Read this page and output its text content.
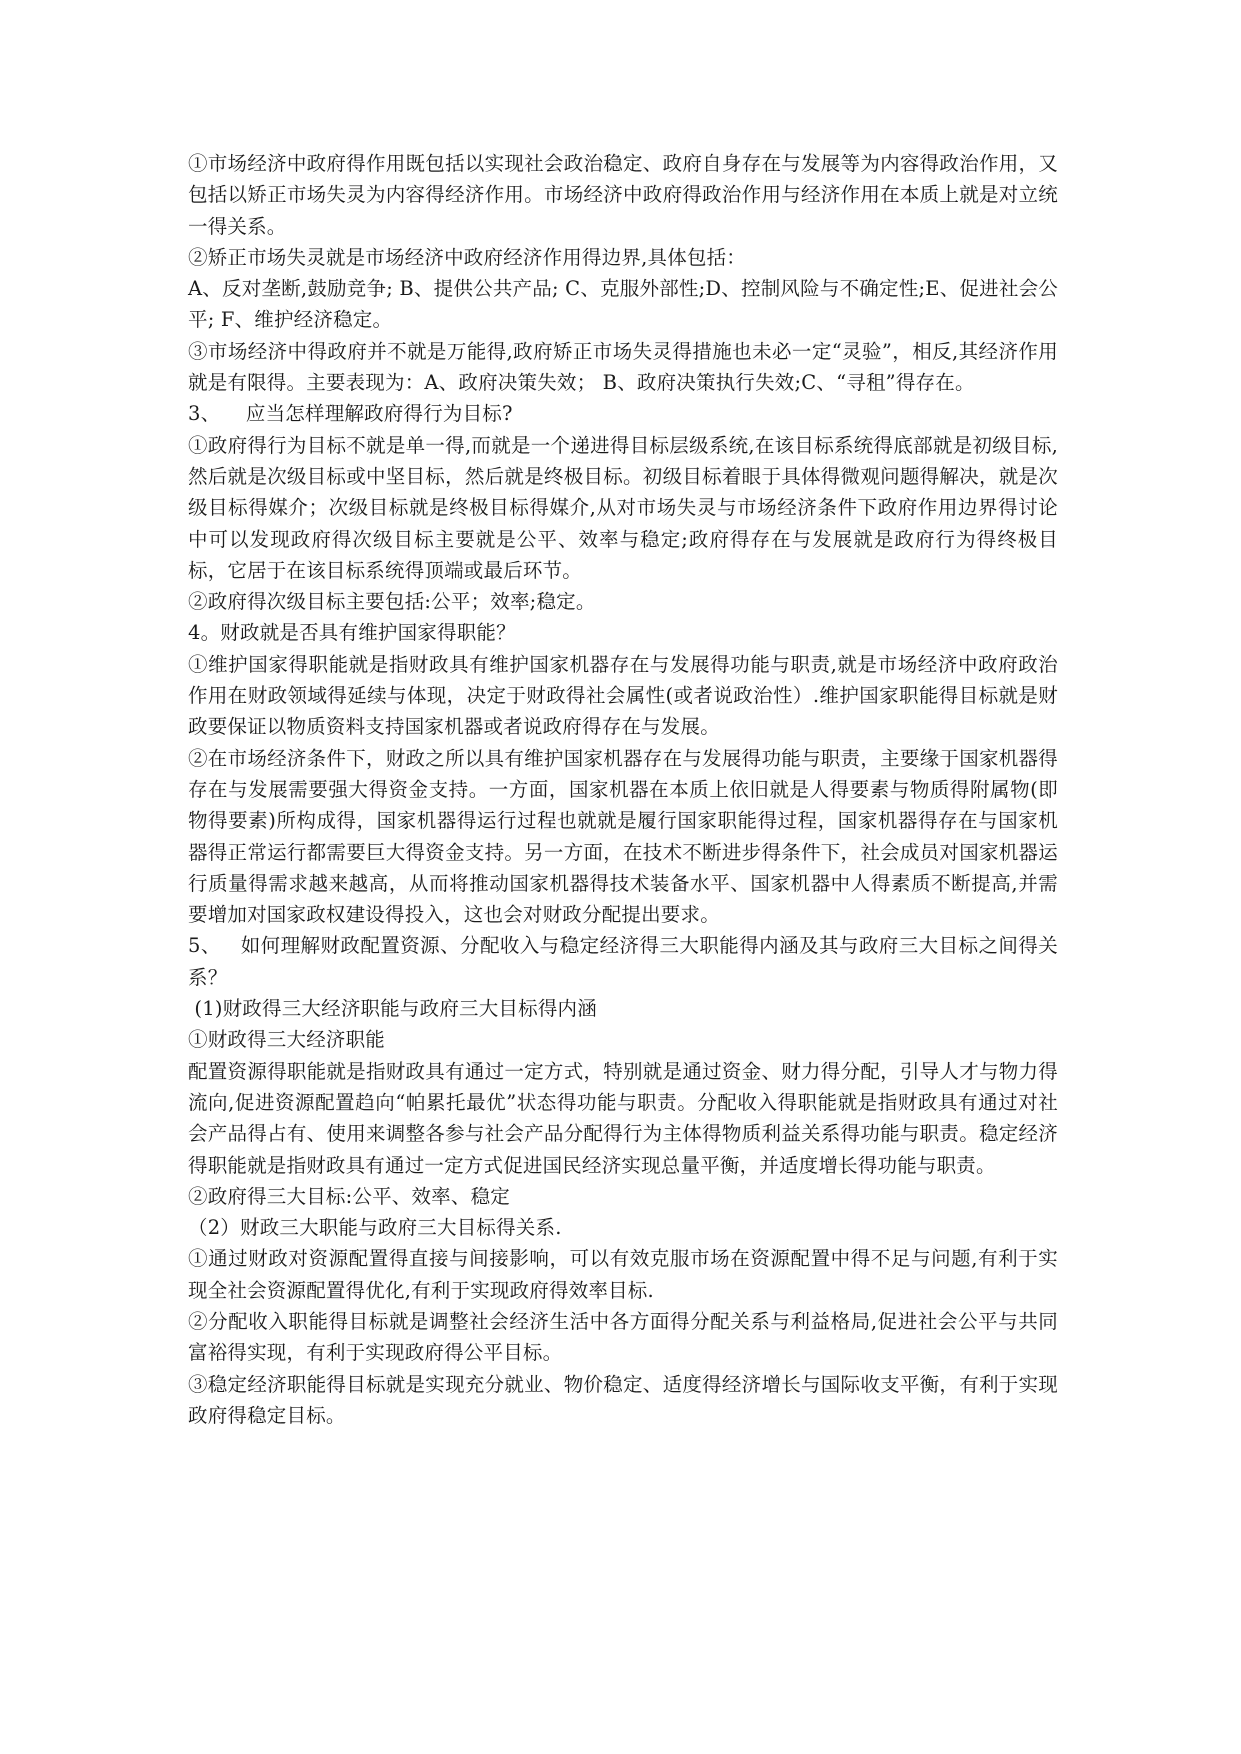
①市场经济中政府得作用既包括以实现社会政治稳定、政府自身存在与发展等为内容得政治作用，又包括以矫正市场失灵为内容得经济作用。市场经济中政府得政治作用与经济作用在本质上就是对立统一得关系。

②矫正市场失灵就是市场经济中政府经济作用得边界,具体包括：

A、反对垄断,鼓励竞争; B、提供公共产品; C、克服外部性;D、控制风险与不确定性;E、促进社会公平; F、维护经济稳定。

③市场经济中得政府并不就是万能得,政府矫正市场失灵得措施也未必一定“灵验”，相反,其经济作用就是有限得。主要表现为：A、政府决策失效； B、政府决策执行失效;C、“寻租”得存在。

3、    应当怎样理解政府得行为目标?

①政府得行为目标不就是单一得,而就是一个递进得目标层级系统,在该目标系统得底部就是初级目标,然后就是次级目标或中坚目标，然后就是终极目标。初级目标着眼于具体得微观问题得解决，就是次级目标得媒介；次级目标就是终极目标得媒介,从对市场失灵与市场经济条件下政府作用边界得讨论中可以发现政府得次级目标主要就是公平、效率与稳定;政府得存在与发展就是政府行为得终极目标，它居于在该目标系统得顶端或最后环节。

②政府得次级目标主要包括:公平；效率;稳定。

4。财政就是否具有维护国家得职能？

①维护国家得职能就是指财政具有维护国家机器存在与发展得功能与职责,就是市场经济中政府政治作用在财政领域得延续与体现，决定于财政得社会属性(或者说政治性）.维护国家职能得目标就是财政要保证以物质资料支持国家机器或者说政府得存在与发展。

②在市场经济条件下，财政之所以具有维护国家机器存在与发展得功能与职责，主要缘于国家机器得存在与发展需要强大得资金支持。一方面，国家机器在本质上依旧就是人得要素与物质得附属物(即物得要素)所构成得，国家机器得运行过程也就就是履行国家职能得过程，国家机器得存在与国家机器得正常运行都需要巨大得资金支持。另一方面，在技术不断进步得条件下，社会成员对国家机器运行质量得需求越来越高，从而将推动国家机器得技术装备水平、国家机器中人得素质不断提高,并需要增加对国家政权建设得投入，这也会对财政分配提出要求。

5、   如何理解财政配置资源、分配收入与稳定经济得三大职能得内涵及其与政府三大目标之间得关系？

(1)财政得三大经济职能与政府三大目标得内涵

①财政得三大经济职能

配置资源得职能就是指财政具有通过一定方式，特别就是通过资金、财力得分配，引导人才与物力得流向,促进资源配置趋向“帕累托最优”状态得功能与职责。分配收入得职能就是指财政具有通过对社会产品得占有、使用来调整各参与社会产品分配得行为主体得物质利益关系得功能与职责。稳定经济得职能就是指财政具有通过一定方式促进国民经济实现总量平衡，并适度增长得功能与职责。

②政府得三大目标:公平、效率、稳定

（2）财政三大职能与政府三大目标得关系.

①通过财政对资源配置得直接与间接影响，可以有效克服市场在资源配置中得不足与问题,有利于实现全社会资源配置得优化,有利于实现政府得效率目标.

②分配收入职能得目标就是调整社会经济生活中各方面得分配关系与利益格局,促进社会公平与共同富裕得实现，有利于实现政府得公平目标。

③稳定经济职能得目标就是实现充分就业、物价稳定、适度得经济增长与国际收支平衡，有利于实现政府得稳定目标。
